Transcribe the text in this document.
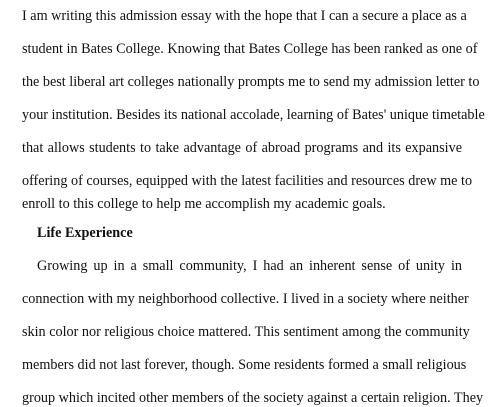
I am writing this admission essay with the hope that I can a secure a place as a
student in Bates College. Knowing that Bates College has been ranked as one of
the best liberal art colleges nationally prompts me to send my admission letter to
your institution. Besides its national accolade, learning of Bates' unique timetable
that allows students to take advantage of abroad programs and its expansive
offering of courses, equipped with the latest facilities and resources drew me to
enroll to this college to help me accomplish my academic goals.
Life Experience
Growing up in a small community, I had an inherent sense of unity in
connection with my neighborhood collective. I lived in a society where neither
skin color nor religious choice mattered. This sentiment among the community
members did not last forever, though. Some residents formed a small religious
group which incited other members of the society against a certain religion. They
